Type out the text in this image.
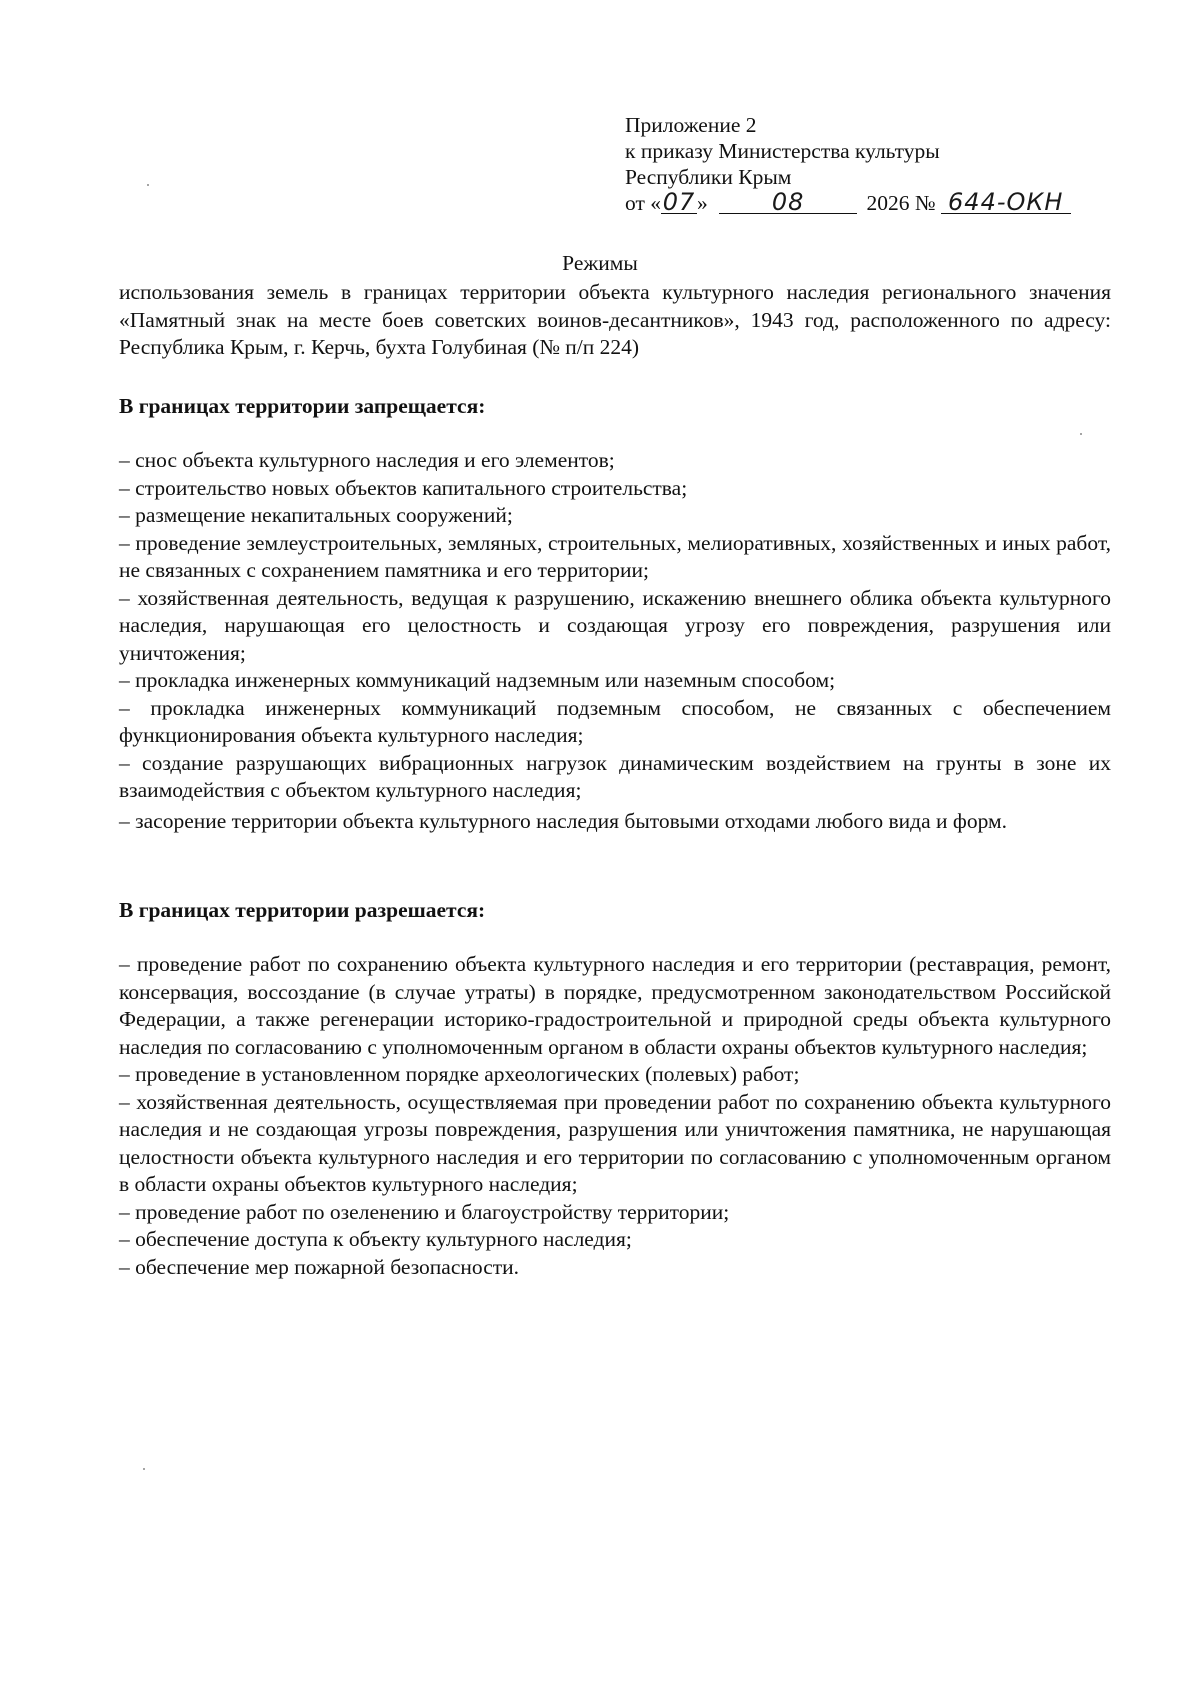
Приложение 2
к приказу Министерства культуры
Республики Крым
от «07»	08	2026 № 644-ОКН
Режимы

использования земель в границах территории объекта культурного наследия регионального значения «Памятный знак на месте боев советских воинов-десантников», 1943 год, расположенного по адресу: Республика Крым, г. Керчь, бухта Голубиная (№ п/п 224)

В границах территории запрещается:

– снос объекта культурного наследия и его элементов;

– строительство новых объектов капитального строительства;

– размещение некапитальных сооружений;

– проведение землеустроительных, земляных, строительных, мелиоративных, хозяйственных и иных работ, не связанных с сохранением памятника и его территории;

– хозяйственная деятельность, ведущая к разрушению, искажению внешнего облика объекта культурного наследия, нарушающая его целостность и создающая угрозу его повреждения, разрушения или уничтожения;

– прокладка инженерных коммуникаций надземным или наземным способом;

– прокладка инженерных коммуникаций подземным способом, не связанных с обеспечением функционирования объекта культурного наследия;

– создание разрушающих вибрационных нагрузок динамическим воздействием на грунты в зоне их взаимодействия с объектом культурного наследия;

– засорение территории объекта культурного наследия бытовыми отходами любого вида и форм.

В границах территории разрешается:

– проведение работ по сохранению объекта культурного наследия и его территории (реставрация, ремонт, консервация, воссоздание (в случае утраты) в порядке, предусмотренном законодательством Российской Федерации, а также регенерации историко-градостроительной и природной среды объекта культурного наследия по согласованию с уполномоченным органом в области охраны объектов культурного наследия;

– проведение в установленном порядке археологических (полевых) работ;

– хозяйственная деятельность, осуществляемая при проведении работ по сохранению объекта культурного наследия и не создающая угрозы повреждения, разрушения или уничтожения памятника, не нарушающая целостности объекта культурного наследия и его территории по согласованию с уполномоченным органом в области охраны объектов культурного наследия;

– проведение работ по озеленению и благоустройству территории;

– обеспечение доступа к объекту культурного наследия;

– обеспечение мер пожарной безопасности.
